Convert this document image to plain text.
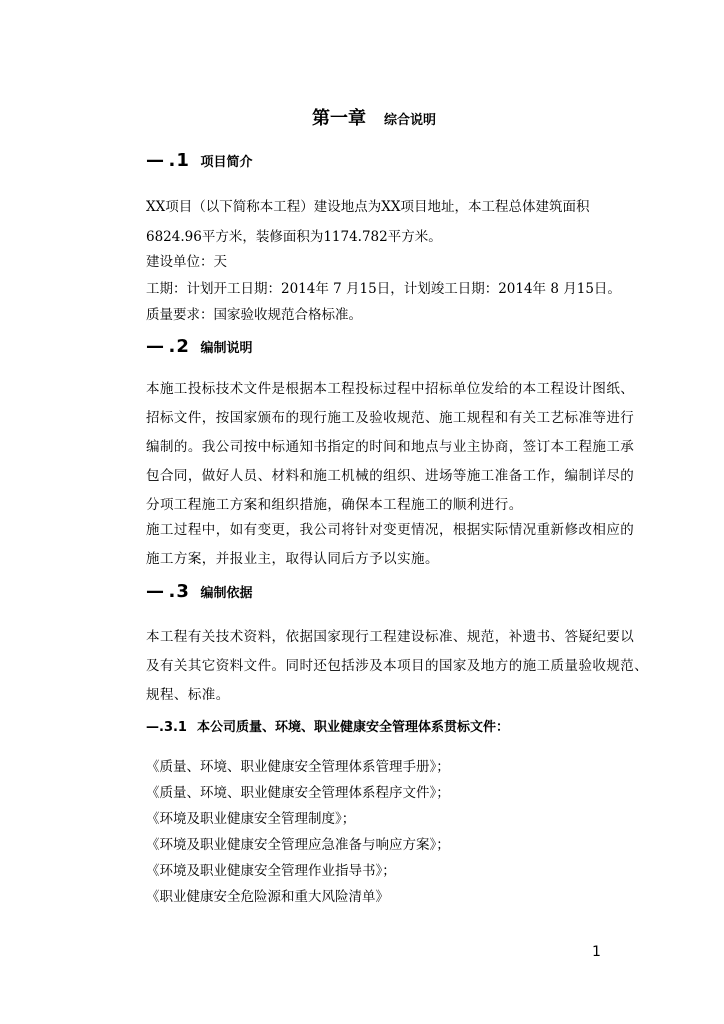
第一章 综合说明
— .1 项目简介
XX项目（以下简称本工程）建设地点为XX项目地址，本工程总体建筑面积
6824.96平方米，装修面积为1174.782平方米。
建设单位：天
工期：计划开工日期：2014年 7 月15日，计划竣工日期：2014年 8 月15日。
质量要求：国家验收规范合格标准。
— .2 编制说明
本施工投标技术文件是根据本工程投标过程中招标单位发给的本工程设计图纸、
招标文件，按国家颁布的现行施工及验收规范、施工规程和有关工艺标准等进行
编制的。我公司按中标通知书指定的时间和地点与业主协商，签订本工程施工承
包合同，做好人员、材料和施工机械的组织、进场等施工准备工作，编制详尽的
分项工程施工方案和组织措施，确保本工程施工的顺利进行。
施工过程中，如有变更，我公司将针对变更情况，根据实际情况重新修改相应的
施工方案，并报业主，取得认同后方予以实施。
— .3 编制依据
本工程有关技术资料，依据国家现行工程建设标准、规范，补遗书、答疑纪要以
及有关其它资料文件。同时还包括涉及本项目的国家及地方的施工质量验收规范、
规程、标准。
—.3.1 本公司质量、环境、职业健康安全管理体系贯标文件：
《质量、环境、职业健康安全管理体系管理手册》；
《质量、环境、职业健康安全管理体系程序文件》；
《环境及职业健康安全管理制度》；
《环境及职业健康安全管理应急准备与响应方案》；
《环境及职业健康安全管理作业指导书》；
《职业健康安全危险源和重大风险清单》
1
